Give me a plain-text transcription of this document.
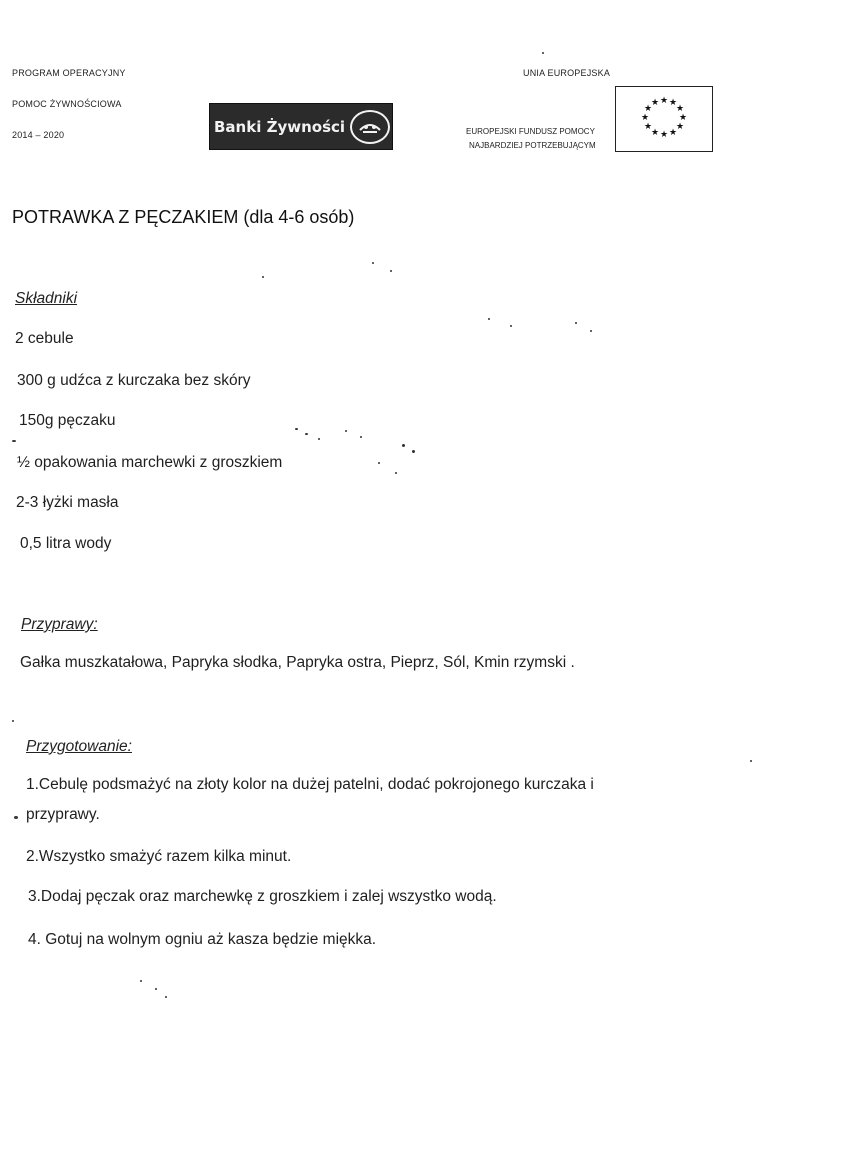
PROGRAM OPERACYJNY
POMOC ŻYWNOŚCIOWA
2014 – 2020	Banki Żywności
UNIA EUROPEJSKA
EUROPEJSKI FUNDUSZ POMOCY
NAJBARDZIEJ POTRZEBUJĄCYM
★ ★
★
★
★
★
★
★
★
★
★
★
POTRAWKA Z PĘCZAKIEM (dla 4-6 osób)
Składniki
2 cebule
300 g udźca z kurczaka bez skóry
150g pęczaku
½ opakowania marchewki z groszkiem
2-3 łyżki masła
0,5 litra wody
Przyprawy:
Gałka muszkatałowa, Papryka słodka, Papryka ostra, Pieprz, Sól, Kmin rzymski .
Przygotowanie:
1.Cebulę podsmażyć na złoty kolor na dużej patelni, dodać pokrojonego kurczaka i
przyprawy.
2.Wszystko smażyć razem kilka minut.
3.Dodaj pęczak oraz marchewkę z groszkiem i zalej wszystko wodą.
4. Gotuj na wolnym ogniu aż kasza będzie miękka.
